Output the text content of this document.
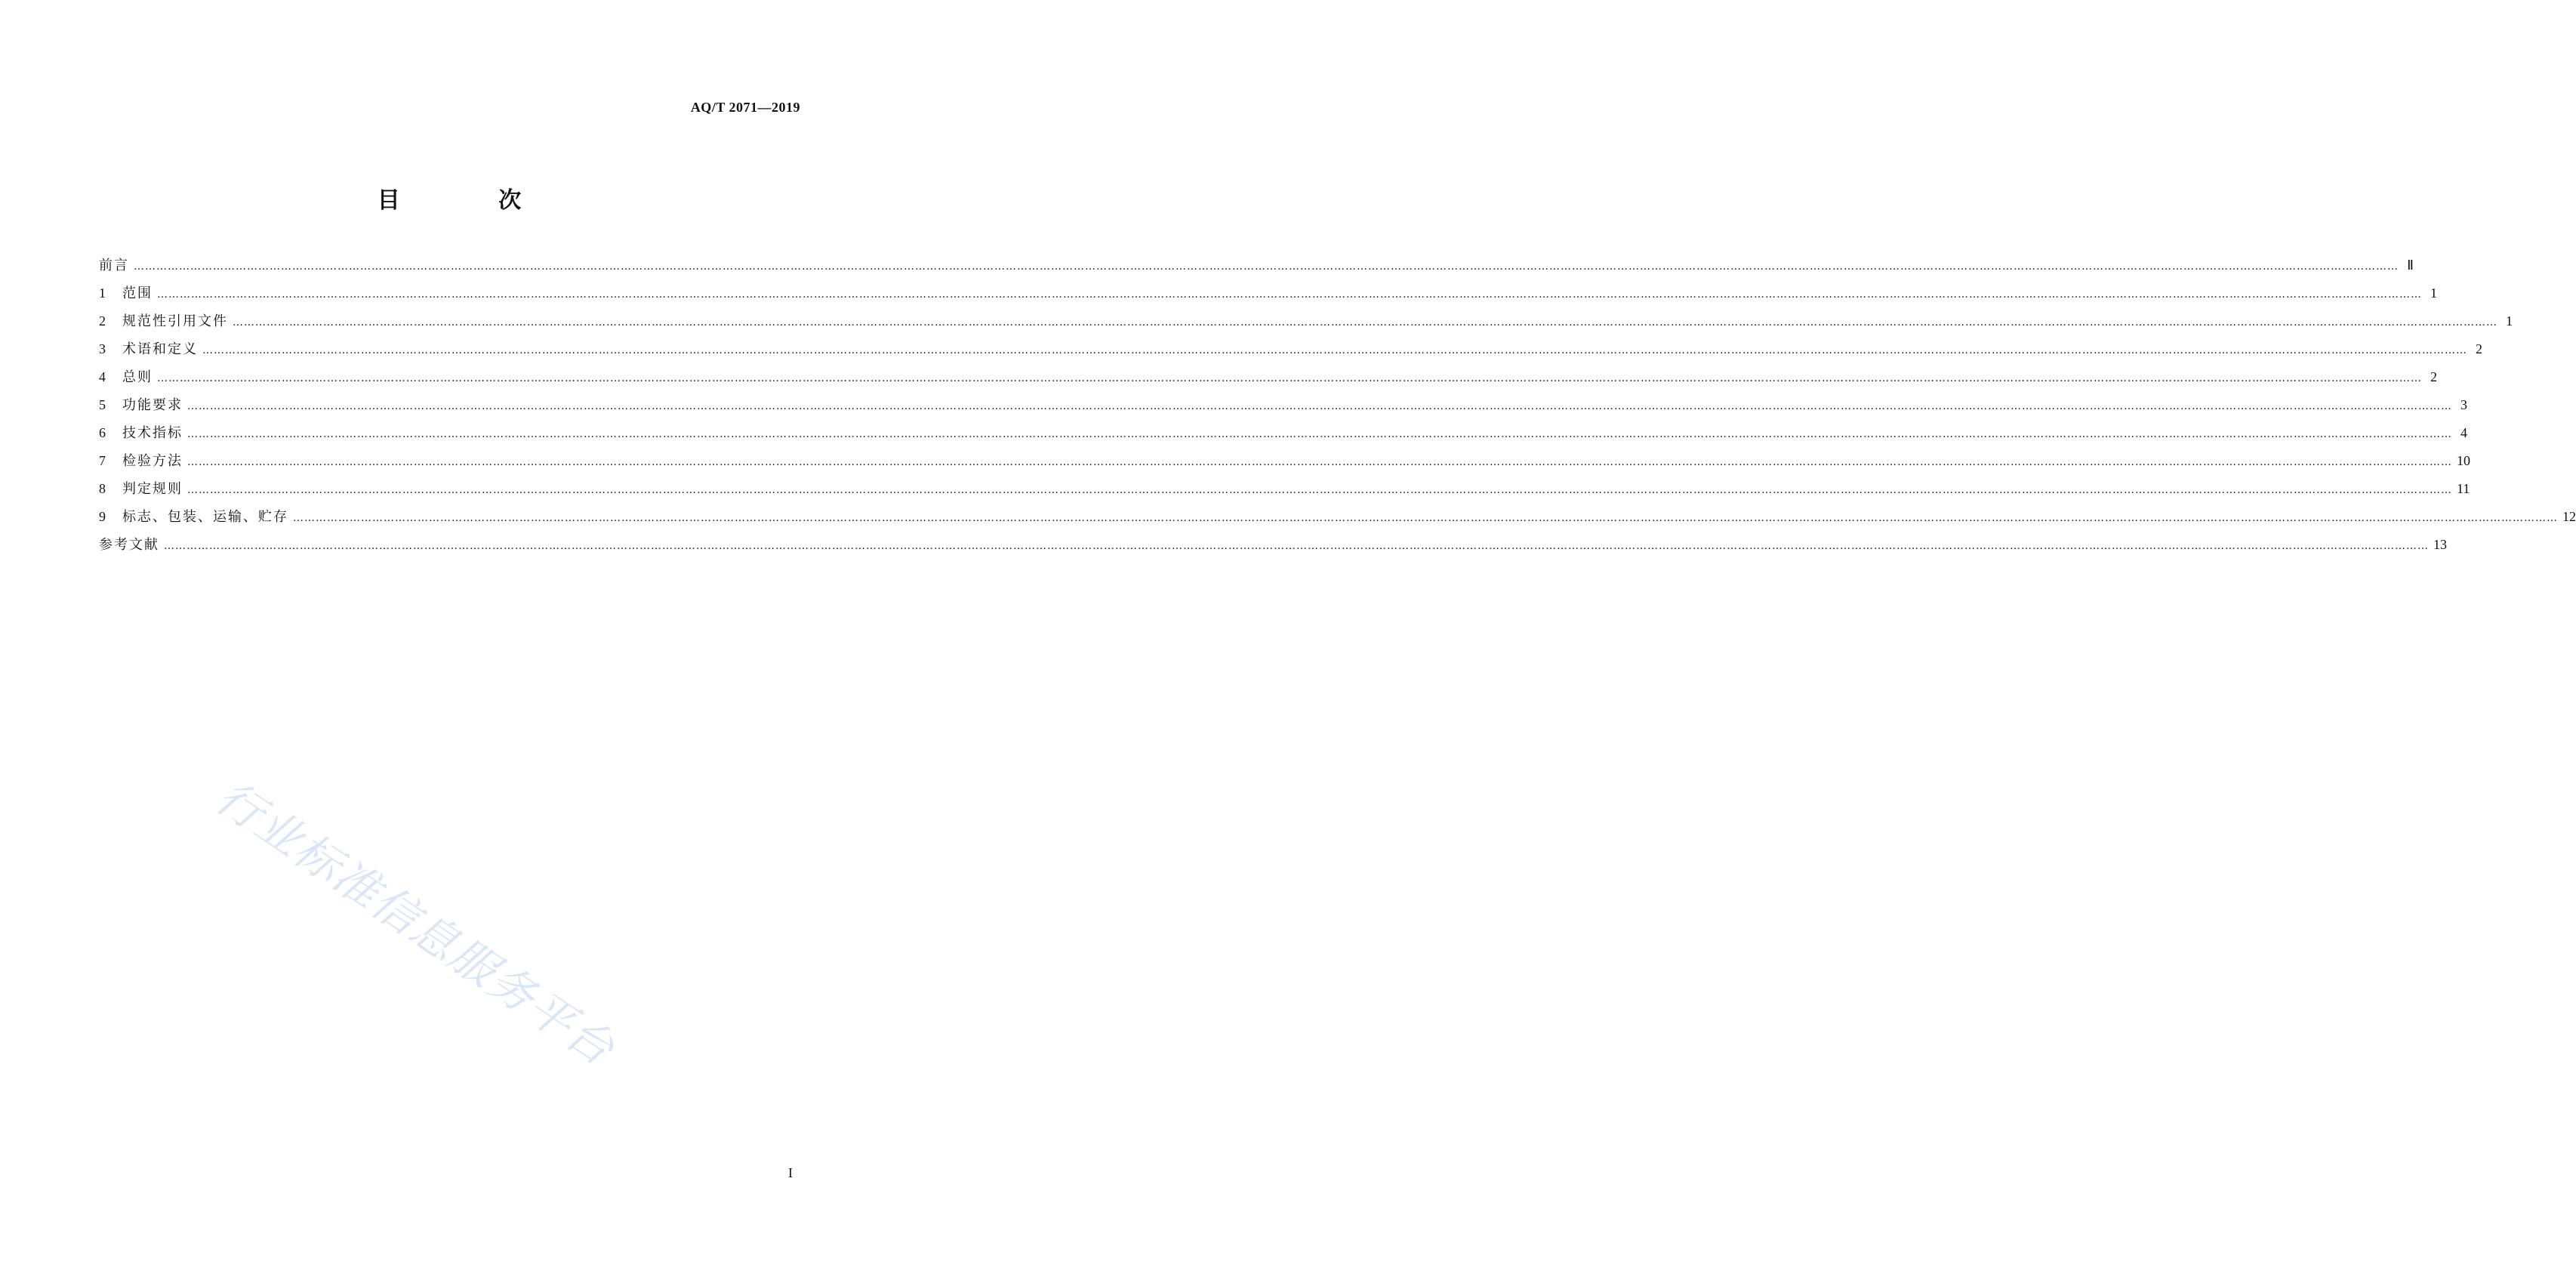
AQ/T 2071—2019
目 次
前言 …………………………………………………………………………………………………………………………………………………………………………………………………………………………………………………………………………………………………………………………………………………………………………………………………………………………………………………………………………………………………………………………………………………… Ⅱ
1	范围 …………………………………………………………………………………………………………………………………………………………………………………………………………………………………………………………………………………………………………………………………………………………………………………………………………………………………………………………………………………………………………………………………………………… 1
2	规范性引用文件 …………………………………………………………………………………………………………………………………………………………………………………………………………………………………………………………………………………………………………………………………………………………………………………………………………………………………………………………………………………………………………………………………………………… 1
3	术语和定义 …………………………………………………………………………………………………………………………………………………………………………………………………………………………………………………………………………………………………………………………………………………………………………………………………………………………………………………………………………………………………………………………………………………… 2
4	总则 …………………………………………………………………………………………………………………………………………………………………………………………………………………………………………………………………………………………………………………………………………………………………………………………………………………………………………………………………………………………………………………………………………………… 2
5	功能要求 …………………………………………………………………………………………………………………………………………………………………………………………………………………………………………………………………………………………………………………………………………………………………………………………………………………………………………………………………………………………………………………………………………………… 3
6	技术指标 …………………………………………………………………………………………………………………………………………………………………………………………………………………………………………………………………………………………………………………………………………………………………………………………………………………………………………………………………………………………………………………………………………………… 4
7	检验方法 …………………………………………………………………………………………………………………………………………………………………………………………………………………………………………………………………………………………………………………………………………………………………………………………………………………………………………………………………………………………………………………………………………………… 10
8	判定规则 …………………………………………………………………………………………………………………………………………………………………………………………………………………………………………………………………………………………………………………………………………………………………………………………………………………………………………………………………………………………………………………………………………………… 11
9	标志、包装、运输、贮存 …………………………………………………………………………………………………………………………………………………………………………………………………………………………………………………………………………………………………………………………………………………………………………………………………………………………………………………………………………………………………………………………………………………… 12
参考文献 …………………………………………………………………………………………………………………………………………………………………………………………………………………………………………………………………………………………………………………………………………………………………………………………………………………………………………………………………………………………………………………………………………………… 13
行业标准信息服务平台
I
